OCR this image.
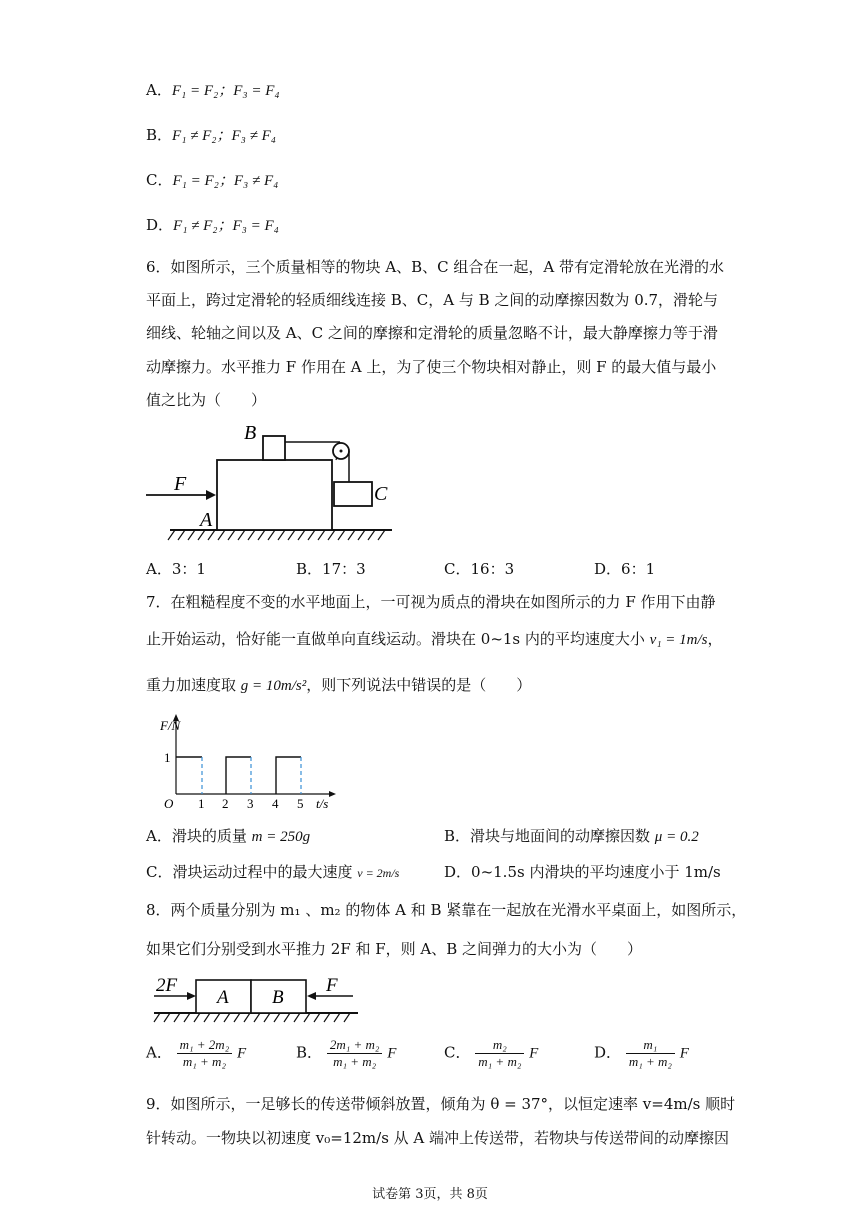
A．F₁ = F₂；F₃ = F₄
B．F₁ ≠ F₂；F₃ ≠ F₄
C．F₁ = F₂；F₃ ≠ F₄
D．F₁ ≠ F₂；F₃ = F₄
6．如图所示，三个质量相等的物块 A、B、C 组合在一起，A 带有定滑轮放在光滑的水
平面上，跨过定滑轮的轻质细线连接 B、C，A 与 B 之间的动摩擦因数为 0.7，滑轮与
细线、轮轴之间以及 A、C 之间的摩擦和定滑轮的质量忽略不计，最大静摩擦力等于滑
动摩擦力。水平推力 F 作用在 A 上，为了使三个物块相对静止，则 F 的最大值与最小
值之比为（　　）
B
C
A
F
A．3：1	B．17：3	C．16：3	D．6：1
7．在粗糙程度不变的水平地面上，一可视为质点的滑块在如图所示的力 F 作用下由静
止开始运动，恰好能一直做单向直线运动。滑块在 0~1s 内的平均速度大小 v₁ = 1m/s，
重力加速度取 g = 10m/s²，则下列说法中错误的是（　　）
F/N
1
O 1 2 3 4 5 t/s
A．滑块的质量 m = 250g	B．滑块与地面间的动摩擦因数 μ = 0.2
C．滑块运动过程中的最大速度 v = 2m/s	D．0~1.5s 内滑块的平均速度小于 1m/s
8．两个质量分别为 m₁ 、m₂ 的物体 A 和 B 紧靠在一起放在光滑水平桌面上，如图所示，
如果它们分别受到水平推力 2F 和 F，则 A、B 之间弹力的大小为（　　）
2F
A B
F
A． $\frac{\text{m₁ + 2m₂}}{\text{m₁ + m₂}}$ F	B． $\frac{\text{2m₁ + m₂}}{\text{m₁ + m₂}}$ F	C． $\frac{\text{m₂}}{\text{m₁ + m₂}}$ F	D． $\frac{\text{m₁}}{\text{m₁ + m₂}}$ F
9．如图所示，一足够长的传送带倾斜放置，倾角为 θ = 37°，以恒定速率 v=4m/s 顺时
针转动。一物块以初速度 v₀=12m/s 从 A 端冲上传送带，若物块与传送带间的动摩擦因
试卷第 3页，共 8页
